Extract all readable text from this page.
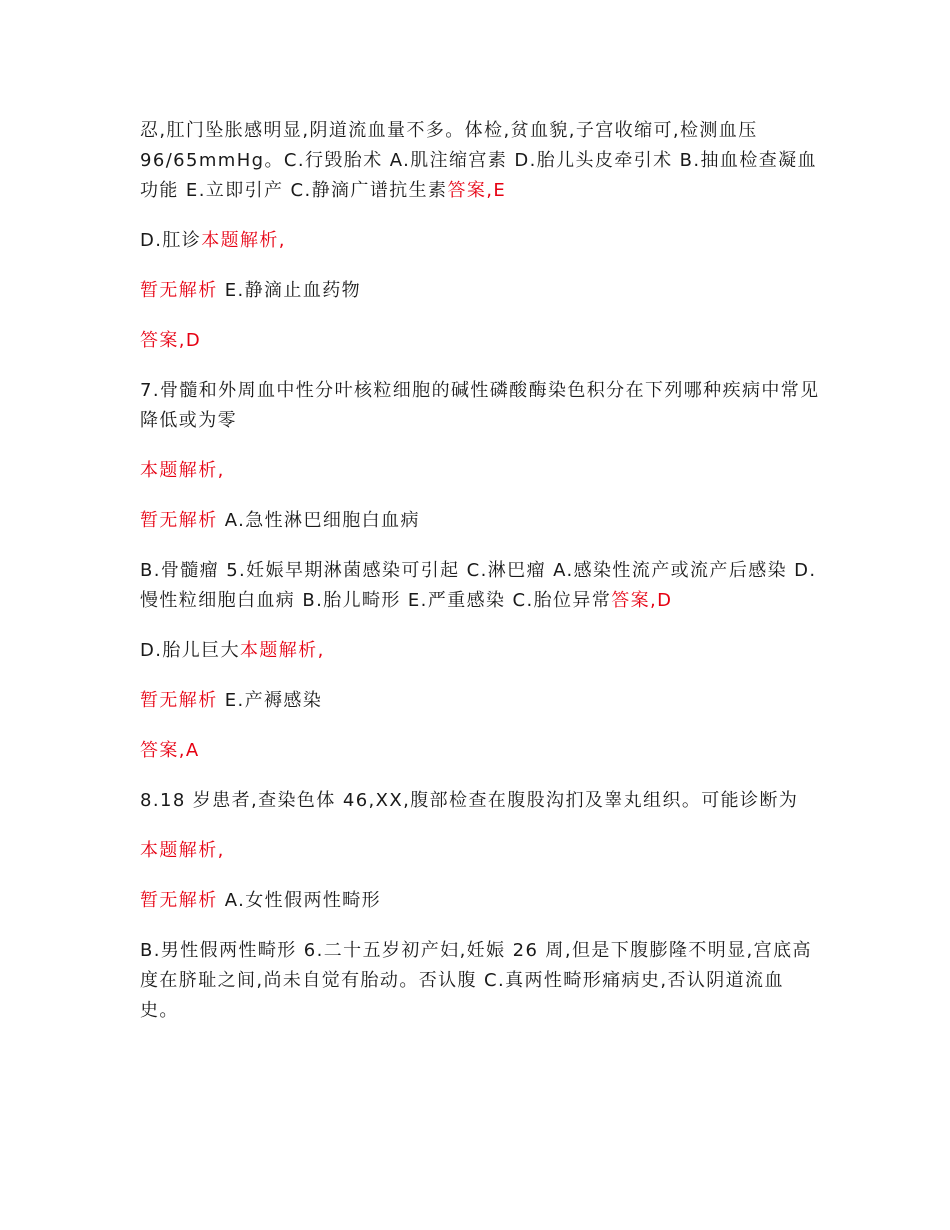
忍,肛门坠胀感明显,阴道流血量不多。体检,贫血貌,子宫收缩可,检测血压96/65mmHg。C.行毁胎术 A.肌注缩宫素 D.胎儿头皮牵引术 B.抽血检查凝血功能 E.立即引产 C.静滴广谱抗生素答案,E

D.肛诊本题解析,

暂无解析 E.静滴止血药物

答案,D

7.骨髓和外周血中性分叶核粒细胞的碱性磷酸酶染色积分在下列哪种疾病中常见降低或为零

本题解析,

暂无解析 A.急性淋巴细胞白血病

B.骨髓瘤 5.妊娠早期淋菌感染可引起 C.淋巴瘤 A.感染性流产或流产后感染 D.慢性粒细胞白血病 B.胎儿畸形 E.严重感染 C.胎位异常答案,D

D.胎儿巨大本题解析,

暂无解析 E.产褥感染

答案,A

8.18 岁患者,查染色体 46,XX,腹部检查在腹股沟扪及睾丸组织。可能诊断为

本题解析,

暂无解析 A.女性假两性畸形

B.男性假两性畸形 6.二十五岁初产妇,妊娠 26 周,但是下腹膨隆不明显,宫底高度在脐耻之间,尚未自觉有胎动。否认腹 C.真两性畸形痛病史,否认阴道流血史。
